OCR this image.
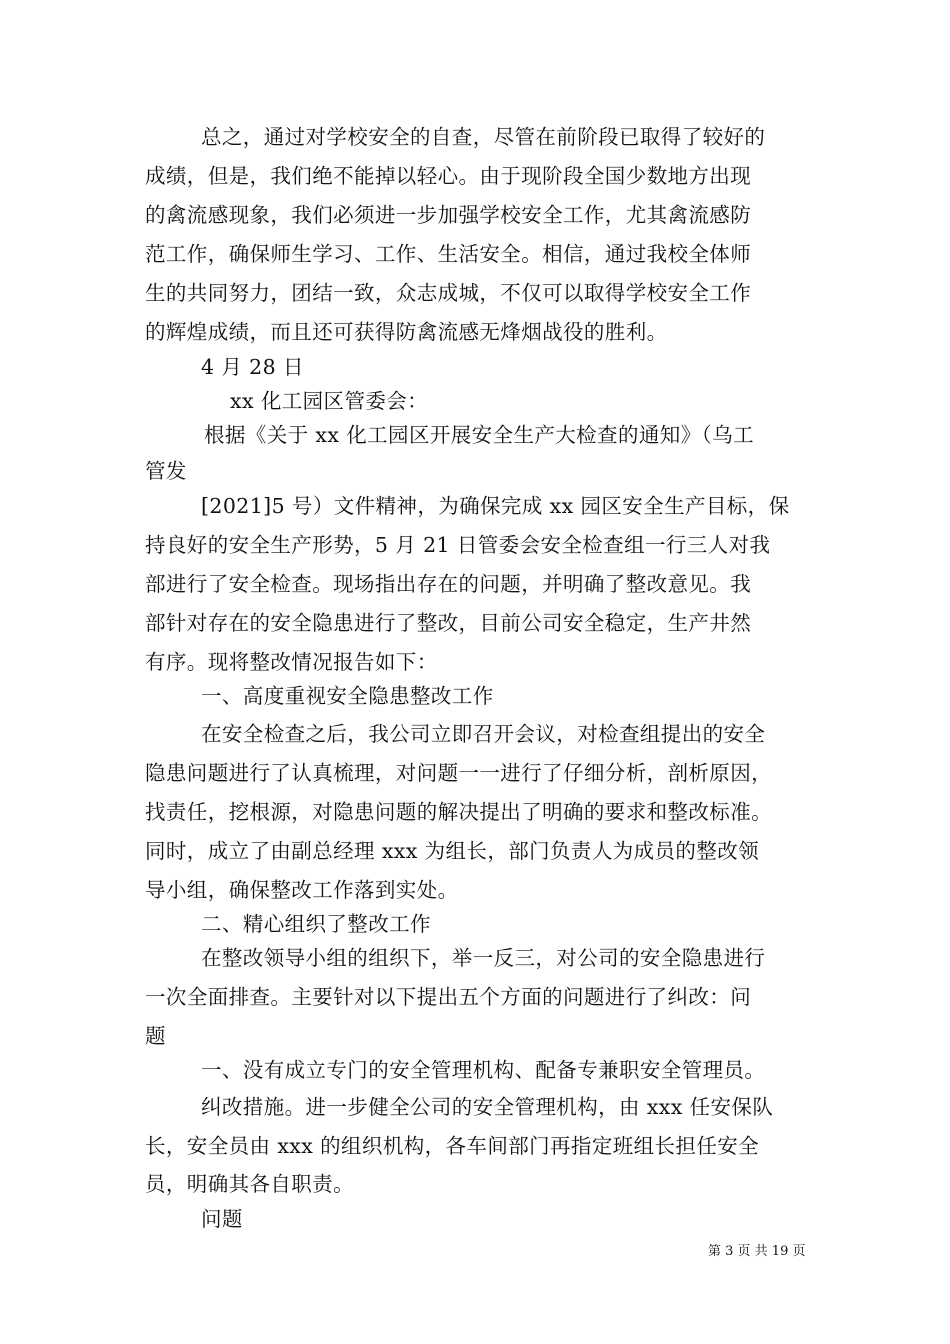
总之，通过对学校安全的自查，尽管在前阶段已取得了较好的
成绩，但是，我们绝不能掉以轻心。由于现阶段全国少数地方出现
的禽流感现象，我们必须进一步加强学校安全工作，尤其禽流感防
范工作，确保师生学习、工作、生活安全。相信，通过我校全体师
生的共同努力，团结一致，众志成城，不仅可以取得学校安全工作
的辉煌成绩，而且还可获得防禽流感无烽烟战役的胜利。
4 月 28 日
xx 化工园区管委会：
根据《关于 xx 化工园区开展安全生产大检查的通知》（乌工
管发
[2021]5 号）文件精神，为确保完成 xx 园区安全生产目标，保
持良好的安全生产形势，5 月 21 日管委会安全检查组一行三人对我
部进行了安全检查。现场指出存在的问题，并明确了整改意见。我
部针对存在的安全隐患进行了整改，目前公司安全稳定，生产井然
有序。现将整改情况报告如下：
一、高度重视安全隐患整改工作
在安全检查之后，我公司立即召开会议，对检查组提出的安全
隐患问题进行了认真梳理，对问题一一进行了仔细分析，剖析原因，
找责任，挖根源，对隐患问题的解决提出了明确的要求和整改标准。
同时，成立了由副总经理 xxx 为组长，部门负责人为成员的整改领
导小组，确保整改工作落到实处。
二、精心组织了整改工作
在整改领导小组的组织下，举一反三，对公司的安全隐患进行
一次全面排查。主要针对以下提出五个方面的问题进行了纠改：问
题
一、没有成立专门的安全管理机构、配备专兼职安全管理员。
纠改措施。进一步健全公司的安全管理机构，由 xxx 任安保队
长，安全员由 xxx 的组织机构，各车间部门再指定班组长担任安全
员，明确其各自职责。
问题
第 3 页 共 19 页
